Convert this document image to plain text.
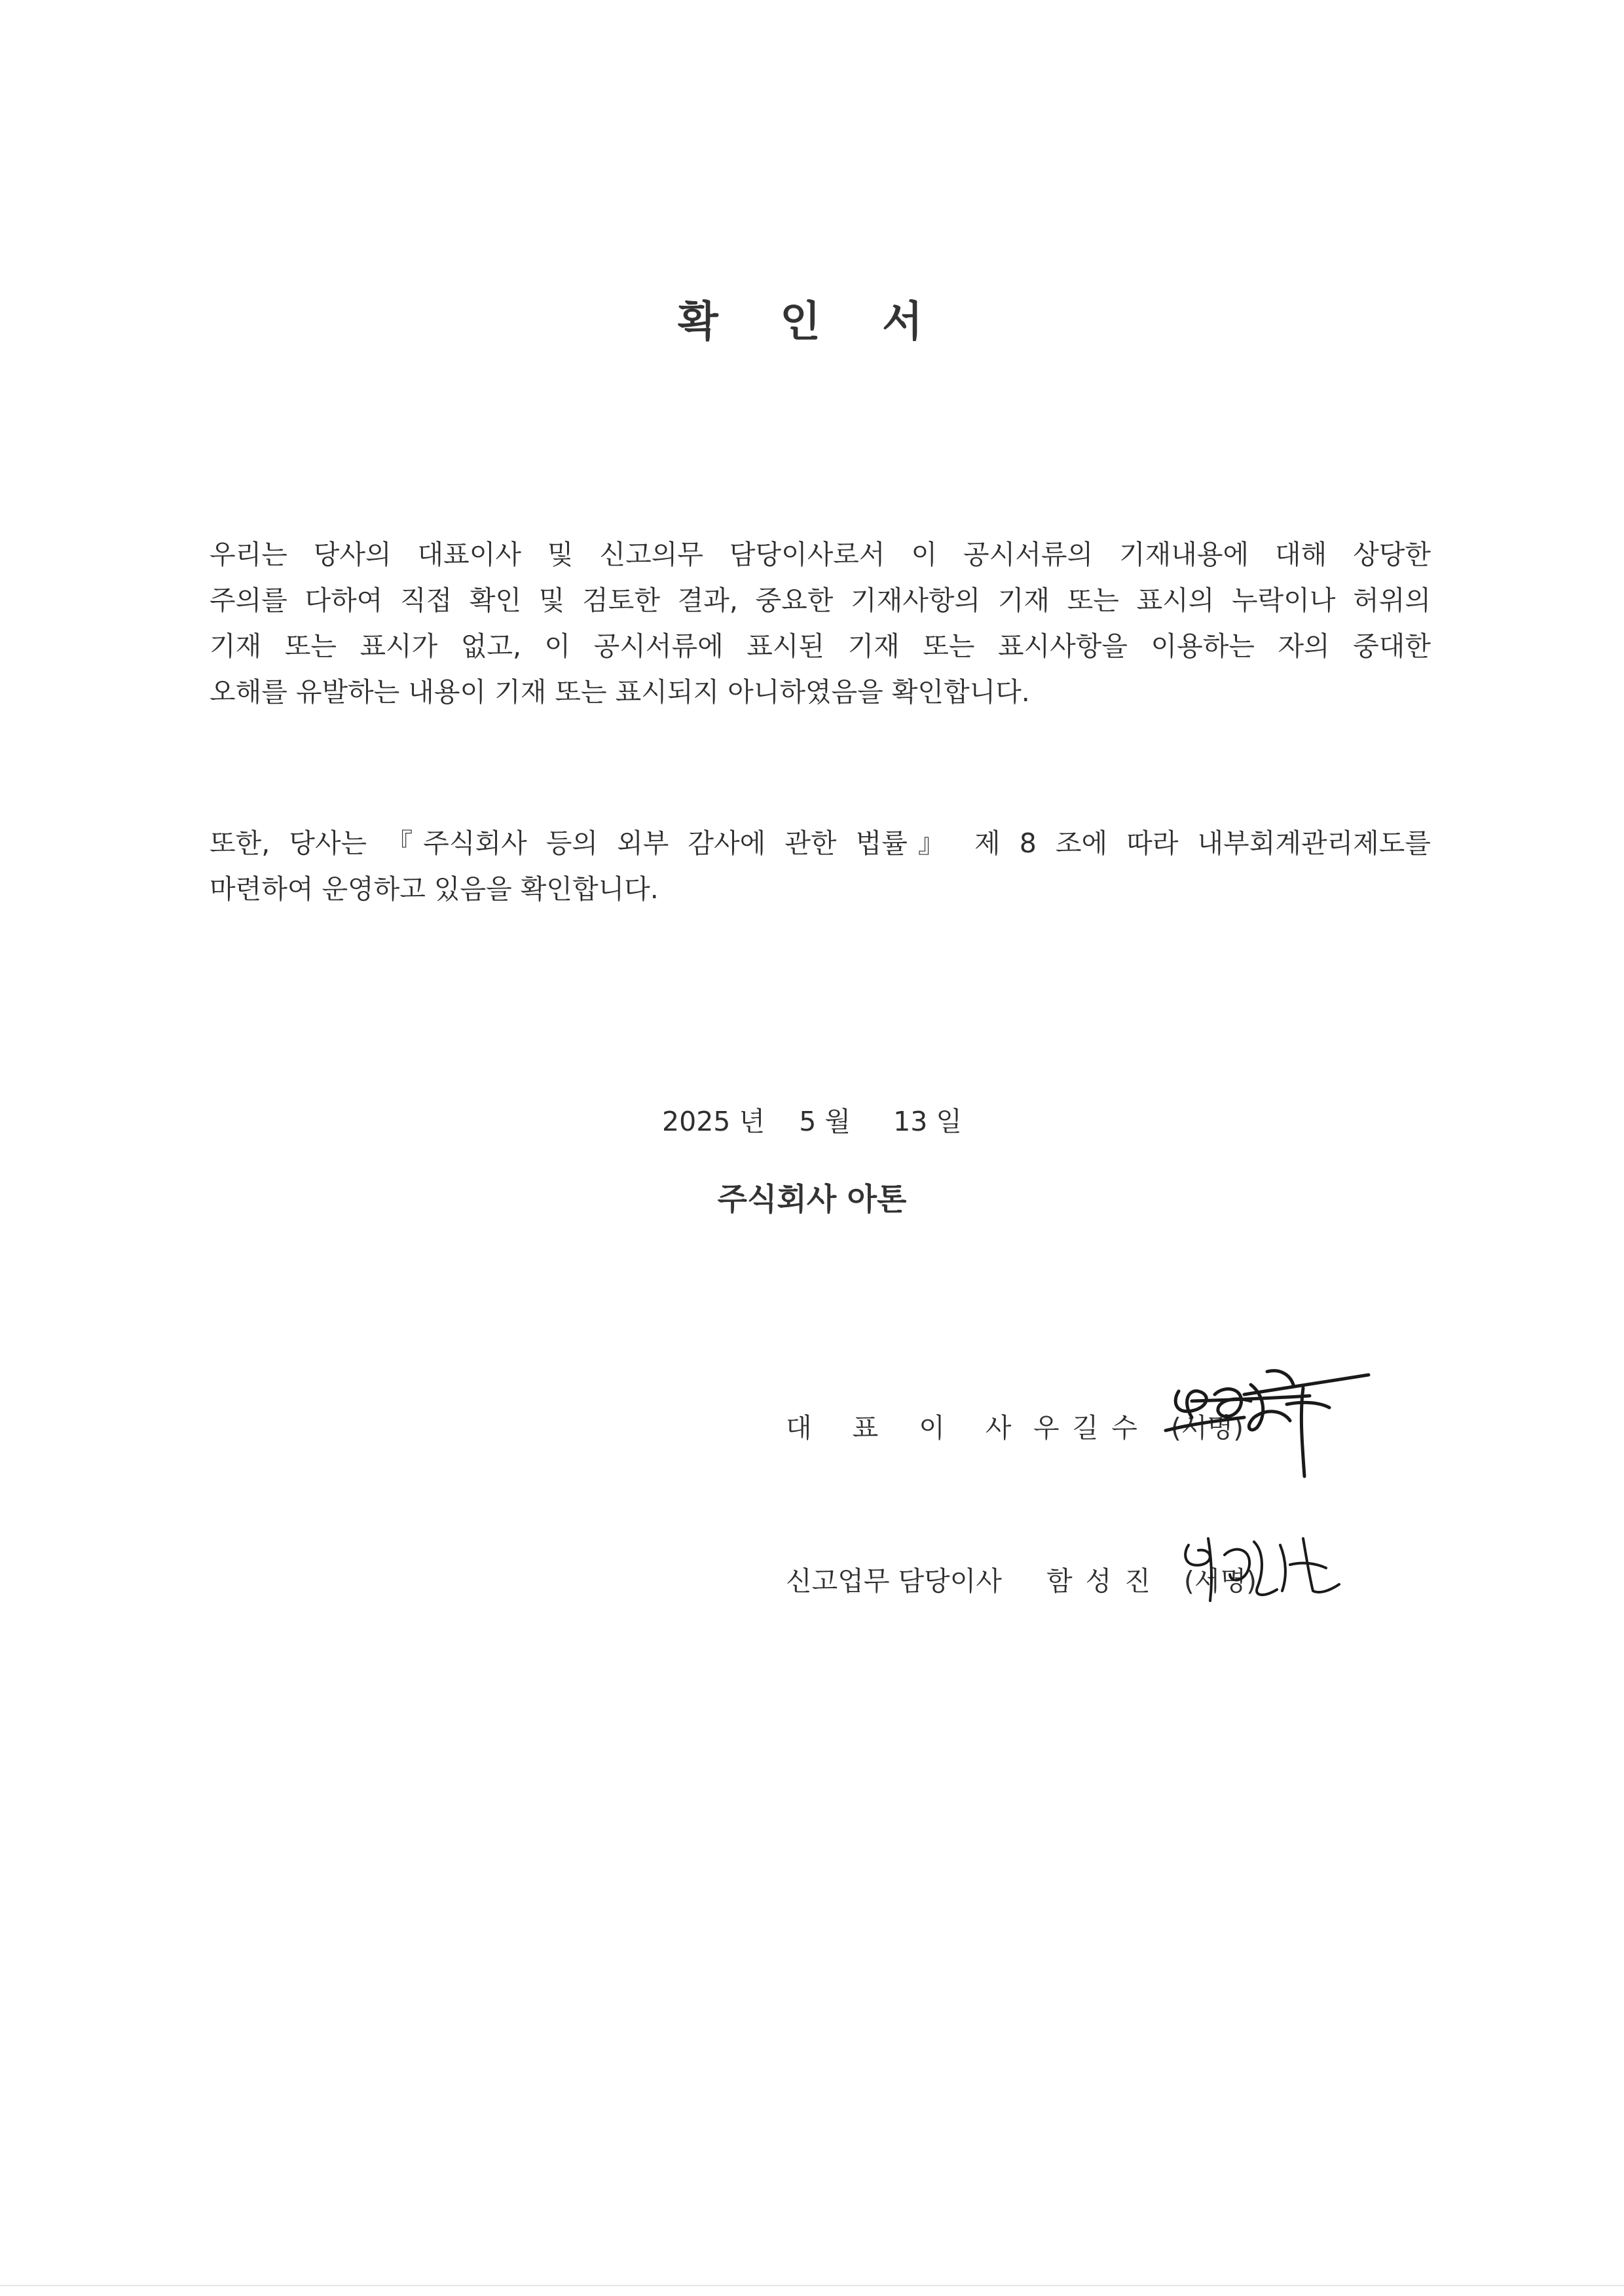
확 인 서
우리는 당사의 대표이사 및 신고의무 담당이사로서 이 공시서류의 기재내용에 대해 상당한
주의를 다하여 직접 확인 및 검토한 결과, 중요한 기재사항의 기재 또는 표시의 누락이나 허위의
기재 또는 표시가 없고, 이 공시서류에 표시된 기재 또는 표시사항을 이용하는 자의 중대한
오해를 유발하는 내용이 기재 또는 표시되지 아니하였음을 확인합니다.
또한, 당사는 『주식회사 등의 외부 감사에 관한 법률』 제 8 조에 따라 내부회계관리제도를
마련하여 운영하고 있음을 확인합니다.
2025 년 5 월 13 일
주식회사 아톤
대표이사 우길수 (서명)
신고업무 담당이사 함성진 (서명)
